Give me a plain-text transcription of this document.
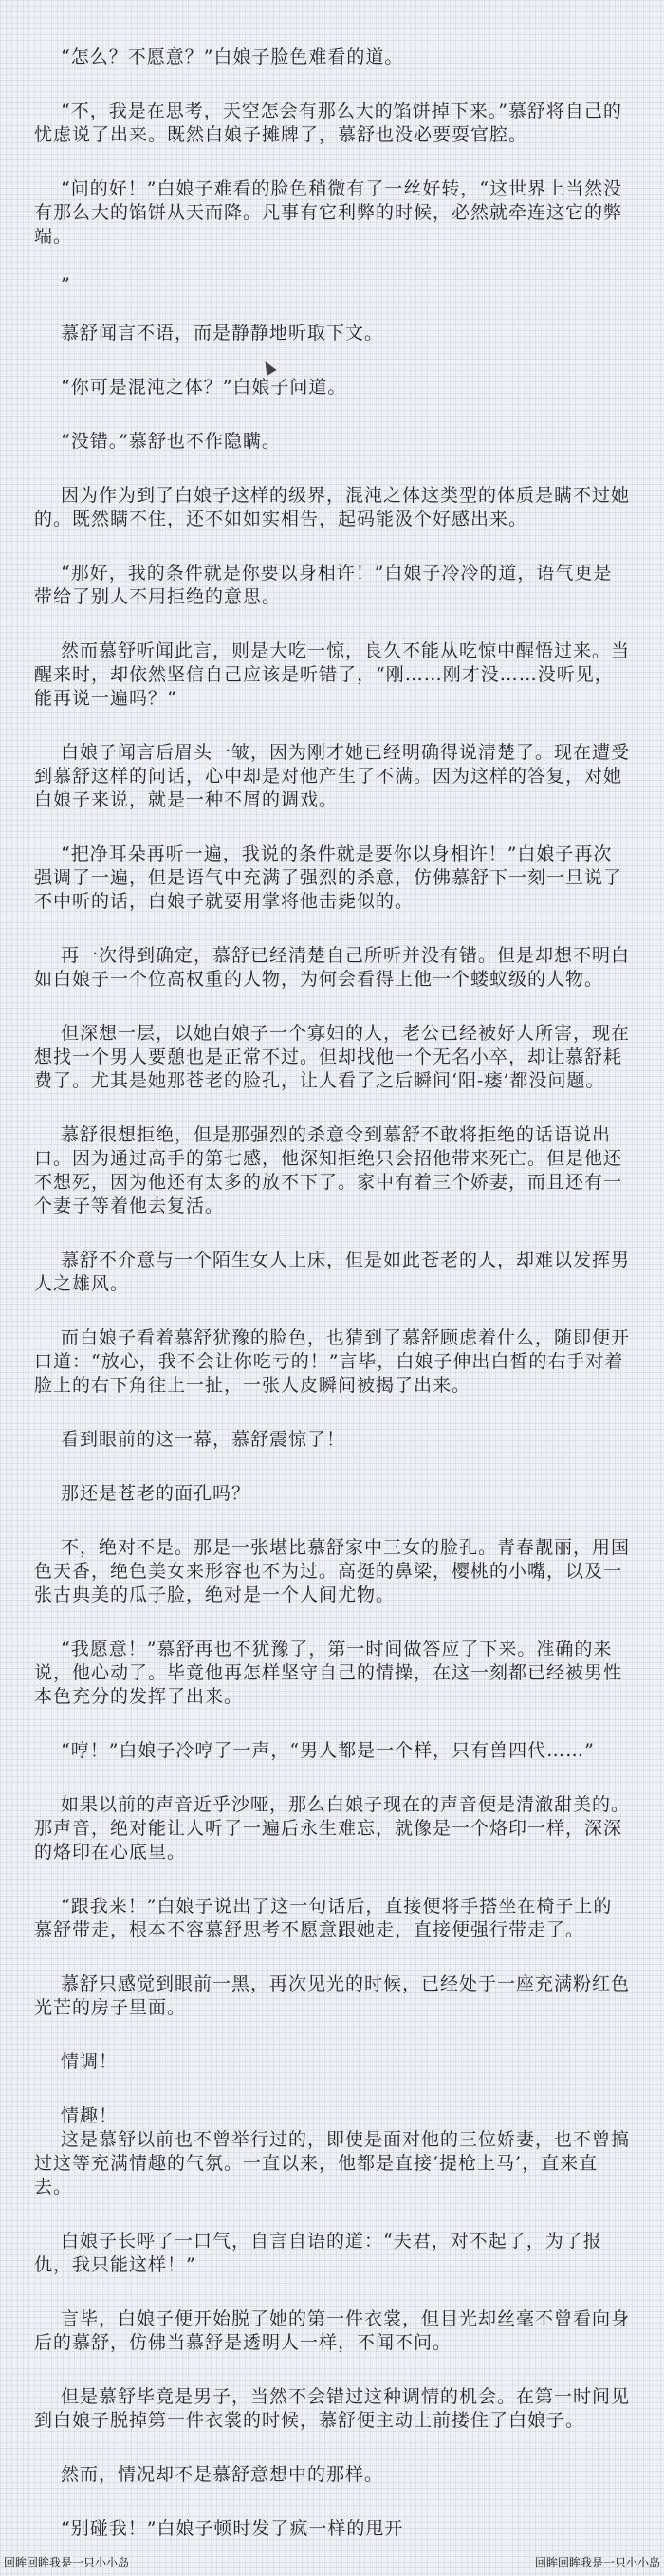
“怎么？不愿意？”白娘子脸色难看的道。

“不，我是在思考，天空怎会有那么大的馅饼掉下来。”慕舒将自己的忧虑说了出来。既然白娘子摊牌了，慕舒也没必要耍官腔。

“问的好！”白娘子难看的脸色稍微有了一丝好转，“这世界上当然没有那么大的馅饼从天而降。凡事有它利弊的时候，必然就牵连这它的弊端。

”

慕舒闻言不语，而是静静地听取下文。

“你可是混沌之体？”白娘子问道。

“没错。”慕舒也不作隐瞒。

因为作为到了白娘子这样的级界，混沌之体这类型的体质是瞒不过她的。既然瞒不住，还不如如实相告，起码能汲个好感出来。

“那好，我的条件就是你要以身相许！”白娘子冷冷的道，语气更是带给了别人不用拒绝的意思。

然而慕舒听闻此言，则是大吃一惊，良久不能从吃惊中醒悟过来。当醒来时，却依然坚信自己应该是听错了，“刚……刚才没……没听见，能再说一遍吗？”

白娘子闻言后眉头一皱，因为刚才她已经明确得说清楚了。现在遭受到慕舒这样的问话，心中却是对他产生了不满。因为这样的答复，对她白娘子来说，就是一种不屑的调戏。

“把净耳朵再听一遍，我说的条件就是要你以身相许！”白娘子再次强调了一遍，但是语气中充满了强烈的杀意，仿佛慕舒下一刻一旦说了不中听的话，白娘子就要用掌将他击毙似的。

再一次得到确定，慕舒已经清楚自己所听并没有错。但是却想不明白如白娘子一个位高权重的人物，为何会看得上他一个蝼蚁级的人物。

但深想一层，以她白娘子一个寡妇的人，老公已经被好人所害，现在想找一个男人要憩也是正常不过。但却找他一个无名小卒，却让慕舒耗费了。尤其是她那苍老的脸孔，让人看了之后瞬间‘阳-痿’都没问题。

慕舒很想拒绝，但是那强烈的杀意令到慕舒不敢将拒绝的话语说出口。因为通过高手的第七感，他深知拒绝只会招他带来死亡。但是他还不想死，因为他还有太多的放不下了。家中有着三个娇妻，而且还有一个妻子等着他去复活。

慕舒不介意与一个陌生女人上床，但是如此苍老的人，却难以发挥男人之雄风。

而白娘子看着慕舒犹豫的脸色，也猜到了慕舒顾虑着什么，随即便开口道：“放心，我不会让你吃亏的！”言毕，白娘子伸出白皙的右手对着脸上的右下角往上一扯，一张人皮瞬间被揭了出来。

看到眼前的这一幕，慕舒震惊了！

那还是苍老的面孔吗？

不，绝对不是。那是一张堪比慕舒家中三女的脸孔。青春靓丽，用国色天香，绝色美女来形容也不为过。高挺的鼻梁，樱桃的小嘴，以及一张古典美的瓜子脸，绝对是一个人间尤物。

“我愿意！”慕舒再也不犹豫了，第一时间做答应了下来。准确的来说，他心动了。毕竟他再怎样坚守自己的情操，在这一刻都已经被男性本色充分的发挥了出来。

“哼！”白娘子冷哼了一声，“男人都是一个样，只有兽四代……”

如果以前的声音近乎沙哑，那么白娘子现在的声音便是清澈甜美的。那声音，绝对能让人听了一遍后永生难忘，就像是一个烙印一样，深深的烙印在心底里。

“跟我来！”白娘子说出了这一句话后，直接便将手搭坐在椅子上的慕舒带走，根本不容慕舒思考不愿意跟她走，直接便强行带走了。

慕舒只感觉到眼前一黑，再次见光的时候，已经处于一座充满粉红色光芒的房子里面。

情调！

情趣！

这是慕舒以前也不曾举行过的，即使是面对他的三位娇妻，也不曾搞过这等充满情趣的气氛。一直以来，他都是直接‘提枪上马’，直来直去。

白娘子长呼了一口气，自言自语的道：“夫君，对不起了，为了报仇，我只能这样！”

言毕，白娘子便开始脱了她的第一件衣裳，但目光却丝毫不曾看向身后的慕舒，仿佛当慕舒是透明人一样，不闻不问。

但是慕舒毕竟是男子，当然不会错过这种调情的机会。在第一时间见到白娘子脱掉第一件衣裳的时候，慕舒便主动上前搂住了白娘子。

然而，情况却不是慕舒意想中的那样。

“别碰我！”白娘子顿时发了疯一样的甩开

回眸回眸我是一只小小岛	回眸回眸我是一只小小岛
